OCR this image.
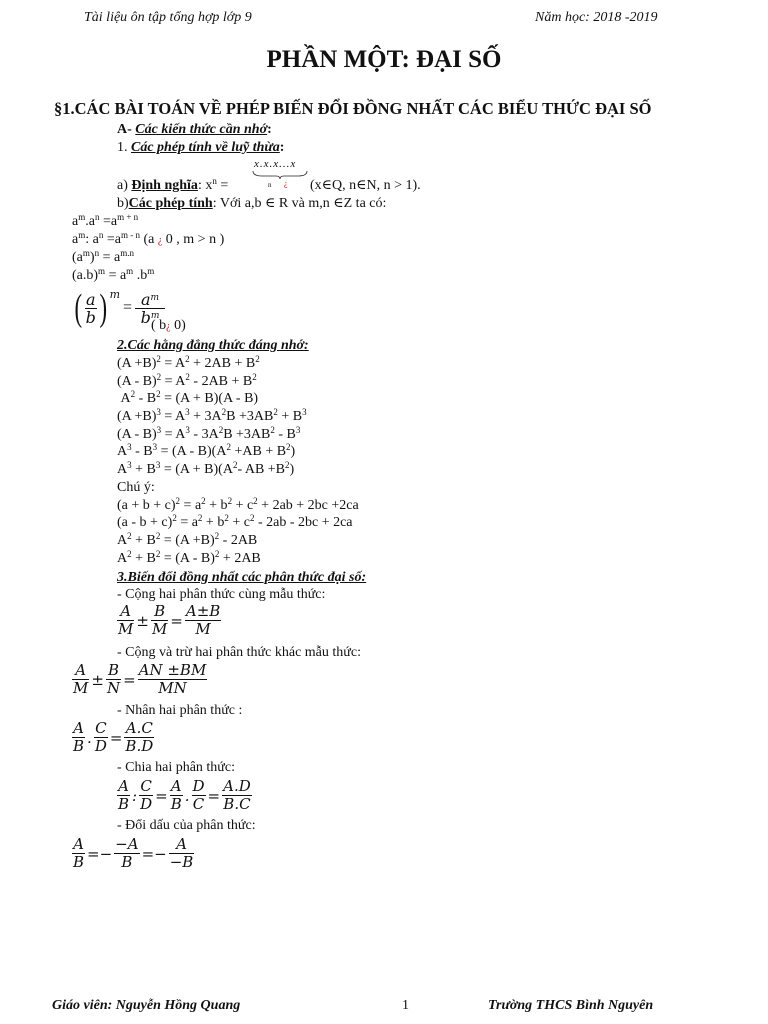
Tài liệu ôn tập tổng hợp lớp 9	Năm học: 2018 -2019
PHẦN MỘT: ĐẠI SỐ
§1.CÁC BÀI TOÁN VỀ PHÉP BIẾN ĐỔI ĐỒNG NHẤT CÁC BIỂU THỨC ĐẠI SỐ
A- Các kiến thức cần nhớ:
1. Các phép tính về luỹ thừa:
a) Định nghĩa: $x^n$ =
x.x.x...x
n ¿ (x∈Q, n∈N, n > 1).
b)Các phép tính: Với a,b ∈ R và m,n ∈Z ta có:
$a^m.a^n =a^{m + n}$
$a^m$: $a^n =a^{m - n}$ (a ¿ 0 , m > n )
$(a^m)^n = a^{m.n}$
$(a.b)^m = a^m$ $.b^m$
( $\frac{a}{b}$ ) m
= $\frac{a^m}{b^m}$
( b¿ 0)
2.Các hằng đẳng thức đáng nhớ:
$(A +B)^2 = A^2 + 2AB + B^2$
$(A - B)^2 = A^2 - 2AB + B^2$
$A^2 - B^2 = (A + B)(A - B)$
$(A +B)^3 = A^3 + 3A^2B +3AB^2 + B^3$
$(A - B)^3 = A^3 - 3A^2B +3AB^2 - B^3$
$A^3 - B^3 = (A - B)(A^2 +AB + B^2)$
$A^3 + B^3 = (A + B)(A^2-$ AB $+B^2$)
Chú ý:
$(a + b + c)^2 = a^2 + b^2 + c^2 + 2ab + 2bc +2ca$
$(a - b + c)^2 = a^2 + b^2 + c^2 - 2ab - 2bc + 2ca$
$A^2 + B^2 = (A +B)^2 - 2AB$
$A^2 + B^2 = (A - B)^2 + 2AB$
3.Biến đổi đồng nhất các phân thức đại số:
- Cộng hai phân thức cùng mẫu thức:
$\frac{A}{M} \pm \frac{B}{M} = \frac{A\pm B}{M}$
- Cộng và trừ hai phân thức khác mẫu thức:
$\frac{A}{M} \pm \frac{B}{N} = \frac{AN \pm BM}{MN}$
- Nhân hai phân thức :
$\frac{A}{B}$ . $\frac{C}{D} = \frac{A.C}{B.D}$
- Chia hai phân thức:
$\frac{A}{B}$ : $\frac{C}{D} = \frac{A}{B}$ . $\frac{D}{C} = \frac{A.D}{B.C}$
- Đổi dấu của phân thức:
$\frac{A}{B} =- \frac{-A}{B} =- \frac{A}{-B}$
Giáo viên: Nguyễn Hồng Quang	1	Trường THCS Bình Nguyên
